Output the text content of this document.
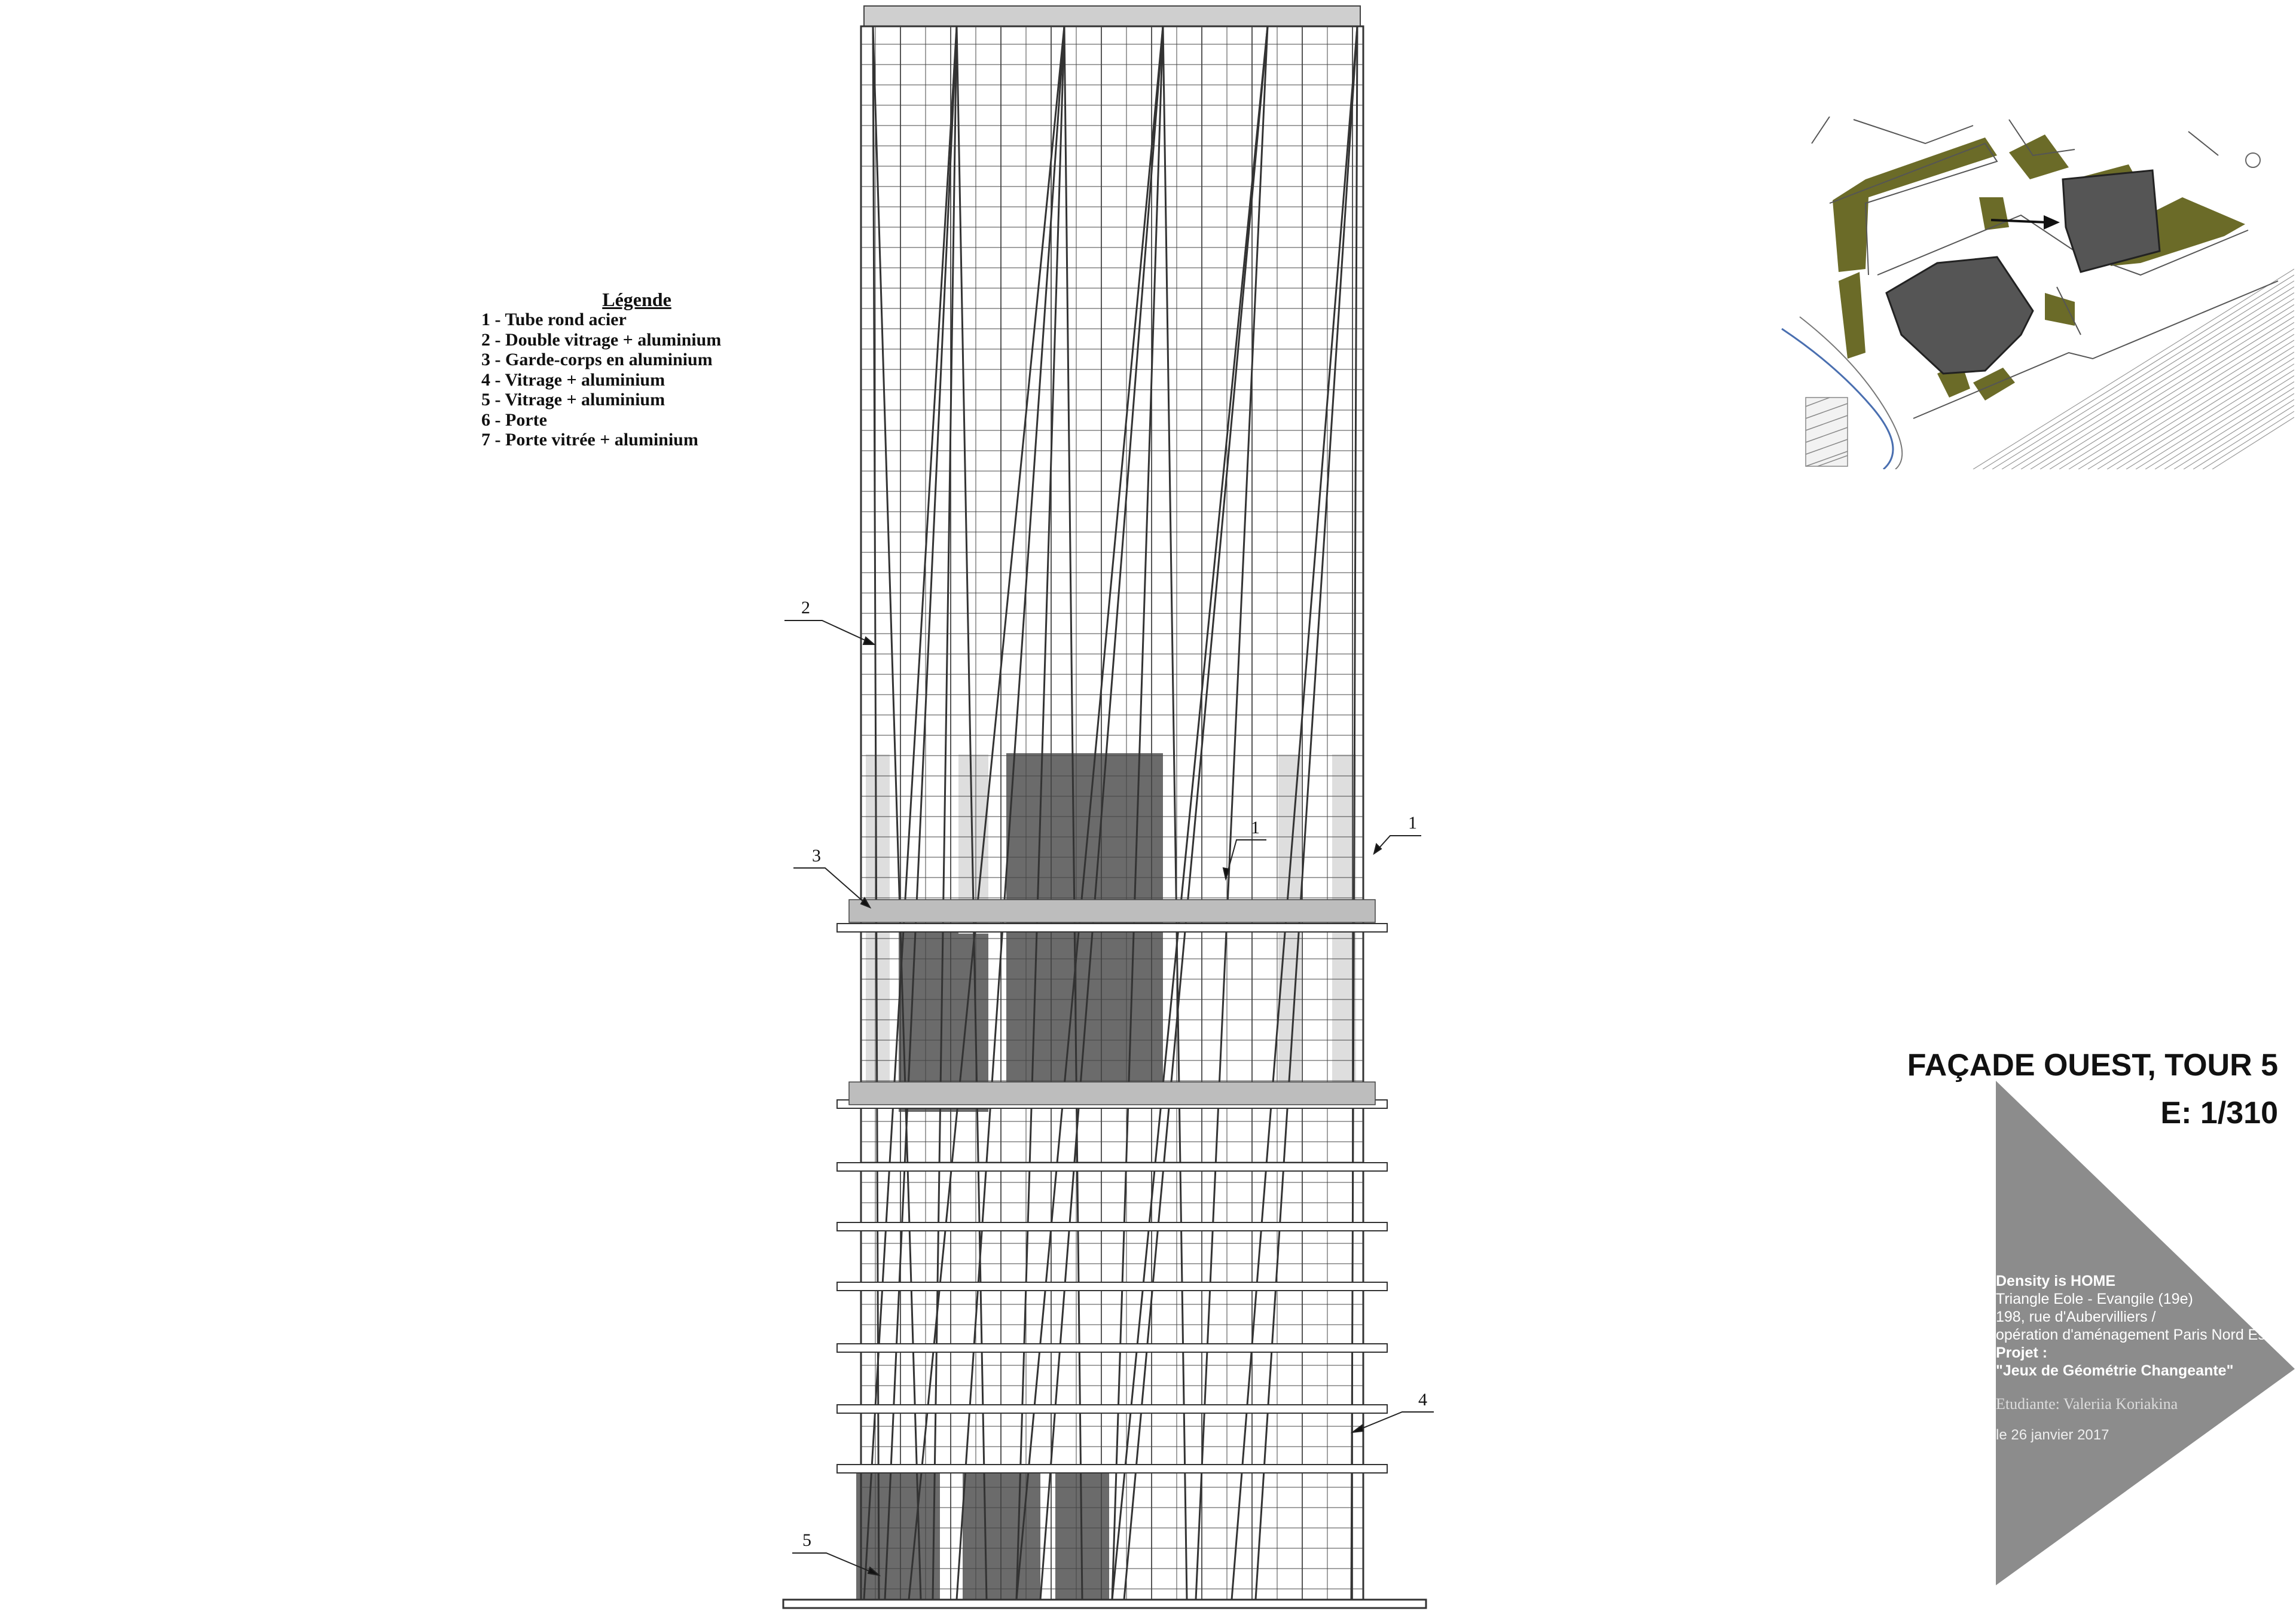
Légende
1 - Tube rond acier
2 - Double vitrage + aluminium
3 - Garde-corps en aluminium
4 - Vitrage + aluminium
5 - Vitrage + aluminium
6 - Porte
7 - Porte vitrée + aluminium
2
3
1	1
4
5
FAÇADE OUEST, TOUR 5
E: 1/310
Density is HOME
Triangle Eole - Evangile (19e)
198, rue d'Aubervilliers /
opération d'aménagement Paris Nord Est
Projet :
"Jeux de Géométrie Changeante"
Etudiante: Valeriia Koriakina
le 26 janvier 2017
